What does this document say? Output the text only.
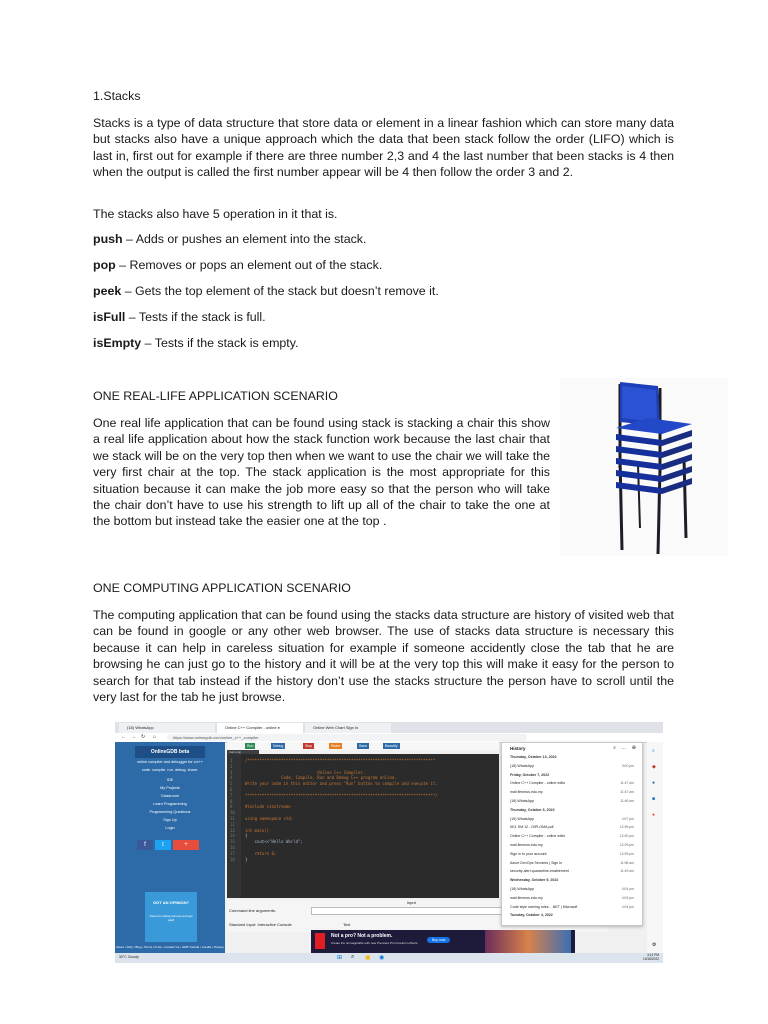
1.Stacks

Stacks is a type of data structure that store data or element in a linear fashion which can store many data but stacks also have a unique approach which the data that been stack follow the order (LIFO) which is last in, first out for example if there are three number 2,3 and 4 the last number that been stacks is 4 then when the output is called the first number appear will be 4 then follow the order 3 and 2.

The stacks also have 5 operation in it that is.

push – Adds or pushes an element into the stack.

pop – Removes or pops an element out of the stack.

peek – Gets the top element of the stack but doesn’t remove it.

isFull – Tests if the stack is full.

isEmpty – Tests if the stack is empty.

ONE REAL-LIFE APPLICATION SCENARIO

One real life application that can be found using stack is stacking a chair this show a real life application about how the stack function work because the last chair that we stack will be on the very top then when we want to use the chair we will take the very first chair at the top. The stack application is the most appropriate for this situation because it can make the job more easy so that the person who will take the chair don’t have to use his strength to lift up all of the chair to take the one at the bottom but instead take the easier one at the top .

ONE COMPUTING APPLICATION SCENARIO

The computing application that can be found using the stacks data structure are history of visited web that can be found in google or any other web browser. The use of stacks data structure is necessary this because it can help in careless situation for example if someone accidently close the tab that he are browsing he can just go to the history and it will be at the very top this will make it easy for the person to search for that tab instead if the history don’t use the stacks structure the person have to scroll until the very last for the tab he just browse.

(18) WhatsApp	Online C++ Compiler - online e	Online Web Chart Sign in
← → ↻ ⌂	https://www.onlinegdb.com/online_c++_compiler
OnlineGDB beta
online compiler and debugger for c/c++
code. compile. run. debug. share.
IDE
My Projects
Classroom
Learn Programming
Programming Questions
Sign Up
Login
f	t	+
GOT AN OPINION?
Have fun taking surveys and get paid!
About • FAQ • Blog • Terms of Use • Contact Us • GDB Tutorial • Credits • Privacy
Run	Debug	Stop	Share	Save	Beautify
main.cpp
/******************************************************************************
1
2
Online C++ Compiler.
3
Code, Compile, Run and Debug C++ program online.
4
Write your code in this editor and press "Run" button to compile and execute it.
5
6
*******************************************************************************/
7
8
#include <iostream>
9
10
using namespace std;
11
12
int main()
13
{
14
cout<<"Hello World";
15
16
return 0;
17
}
18
input
Command line arguments:
Standard Input: Interactive Console	Text
Not a pro? Not a problem.
Create the unimaginable with new Premiere Pro Freeform effects.
Buy now
History	⌕ … ⊕
Thursday, October 13, 2022
(18) WhatsApp	3:00 pm
Friday, October 7, 2022
Online C++ Compiler - online edito	11:47 am
mail.flexmus.edu.my	11:47 am
(18) WhatsApp	11:46 am
Thursday, October 6, 2022
(19) WhatsApp	4:07 pm
KK1 SM 12 - DIPLOMA.pdf	12:59 pm
Online C++ Compiler - online edito	12:50 pm
mail.flexmus.edu.my	12:09 pm
Sign in to your account	12:09 pm
Azure DevOps Services | Sign In	11:58 am
security-alert-quarantine-enablement	11:49 am
Wednesday, October 5, 2022
(18) WhatsApp	4:04 pm
mail.flexmus.edu.my	4:04 pm
Code style naming rules - .NET | Microsoft	4:04 pm
Tuesday, October 4, 2022
⌕
◆
●
■
●
⚙
30°C Cloudy	⊞ ⌕ ▣ ◉	3:13 PM
10/18/2022
